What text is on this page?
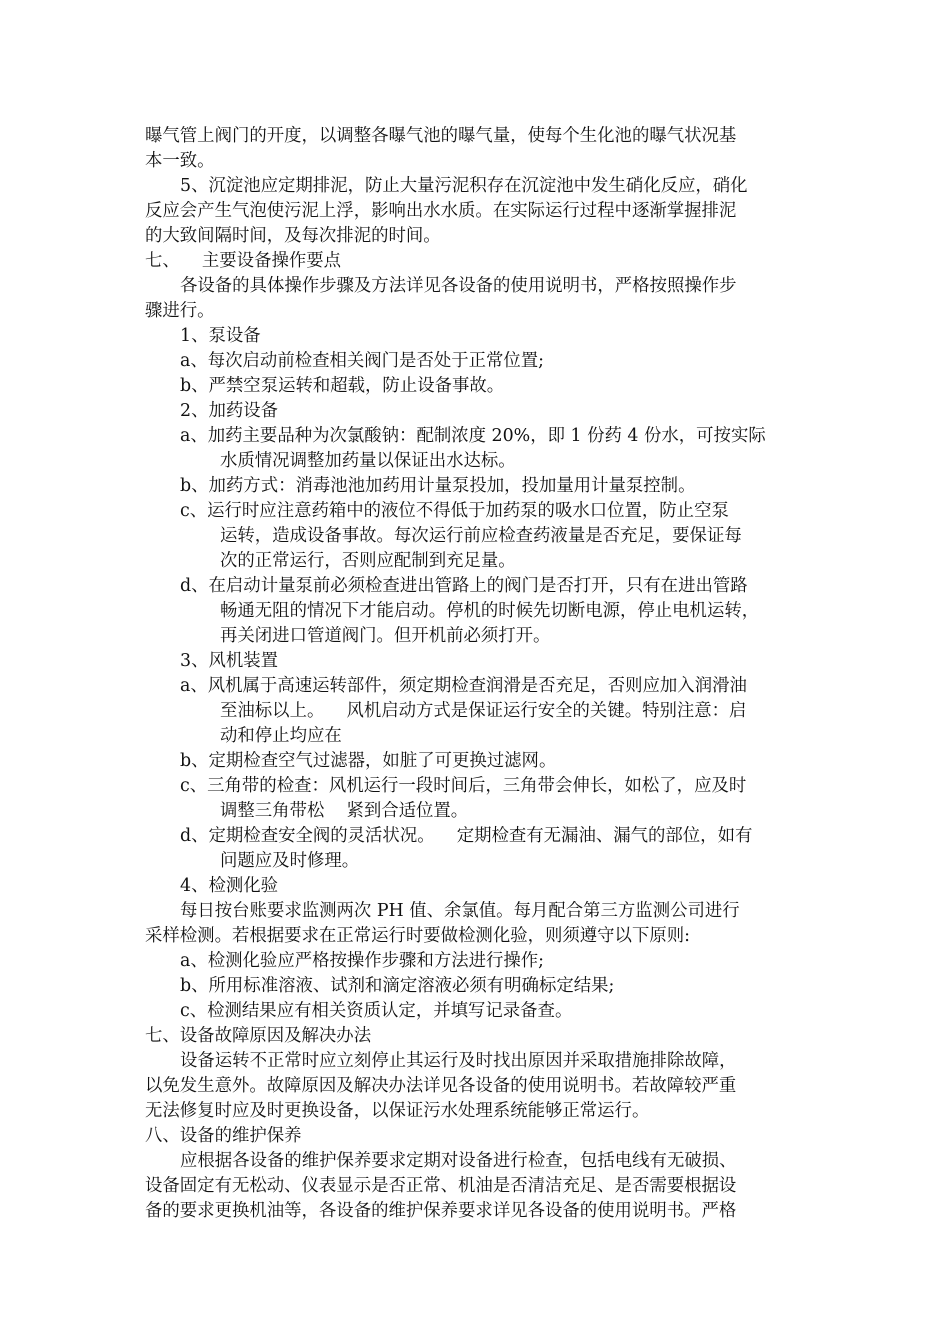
曝气管上阀门的开度，以调整各曝气池的曝气量，使每个生化池的曝气状况基
本一致。
5、沉淀池应定期排泥，防止大量污泥积存在沉淀池中发生硝化反应，硝化
反应会产生气泡使污泥上浮，影响出水水质。在实际运行过程中逐渐掌握排泥
的大致间隔时间，及每次排泥的时间。
七、    主要设备操作要点
各设备的具体操作步骤及方法详见各设备的使用说明书，严格按照操作步
骤进行。
1、泵设备
a、每次启动前检查相关阀门是否处于正常位置;
b、严禁空泵运转和超载，防止设备事故。
2、加药设备
a、加药主要品种为次氯酸钠：配制浓度 20%，即 1 份药 4 份水，可按实际
水质情况调整加药量以保证出水达标。
b、加药方式：消毒池池加药用计量泵投加，投加量用计量泵控制。
c、运行时应注意药箱中的液位不得低于加药泵的吸水口位置，防止空泵
运转，造成设备事故。每次运行前应检查药液量是否充足，要保证每
次的正常运行，否则应配制到充足量。
d、在启动计量泵前必须检查进出管路上的阀门是否打开，只有在进出管路
畅通无阻的情况下才能启动。停机的时候先切断电源，停止电机运转，
再关闭进口管道阀门。但开机前必须打开。
3、风机装置
a、风机属于高速运转部件，须定期检查润滑是否充足，否则应加入润滑油
至油标以上。    风机启动方式是保证运行安全的关键。特别注意：启
动和停止均应在
b、定期检查空气过滤器，如脏了可更换过滤网。
c、三角带的检查：风机运行一段时间后，三角带会伸长，如松了，应及时
调整三角带松    紧到合适位置。
d、定期检查安全阀的灵活状况。    定期检查有无漏油、漏气的部位，如有
问题应及时修理。
4、检测化验
每日按台账要求监测两次 PH 值、余氯值。每月配合第三方监测公司进行
采样检测。若根据要求在正常运行时要做检测化验，则须遵守以下原则:
a、检测化验应严格按操作步骤和方法进行操作;
b、所用标准溶液、试剂和滴定溶液必须有明确标定结果;
c、检测结果应有相关资质认定，并填写记录备查。
七、设备故障原因及解决办法
设备运转不正常时应立刻停止其运行及时找出原因并采取措施排除故障，
以免发生意外。故障原因及解决办法详见各设备的使用说明书。若故障较严重
无法修复时应及时更换设备，以保证污水处理系统能够正常运行。
八、设备的维护保养
应根据各设备的维护保养要求定期对设备进行检查，包括电线有无破损、
设备固定有无松动、仪表显示是否正常、机油是否清洁充足、是否需要根据设
备的要求更换机油等，各设备的维护保养要求详见各设备的使用说明书。严格
